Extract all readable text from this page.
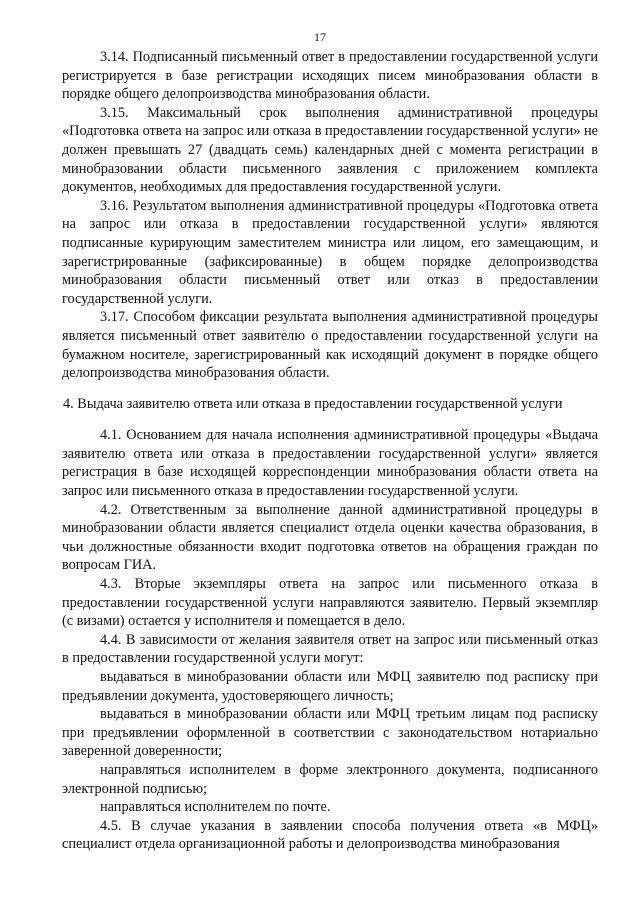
17

3.14. Подписанный письменный ответ в предоставлении государственной услуги регистрируется в базе регистрации исходящих писем минобразования области в порядке общего делопроизводства минобразования области.

3.15. Максимальный срок выполнения административной процедуры «Подготовка ответа на запрос или отказа в предоставлении государственной услуги» не должен превышать 27 (двадцать семь) календарных дней с момента регистрации в минобразовании области письменного заявления с приложением комплекта документов, необходимых для предоставления государственной услуги.

3.16. Результатом выполнения административной процедуры «Подготовка ответа на запрос или отказа в предоставлении государственной услуги» являются подписанные курирующим заместителем министра или лицом, его замещающим, и зарегистрированные (зафиксированные) в общем порядке делопроизводства минобразования области письменный ответ или отказ в предоставлении государственной услуги.

3.17. Способом фиксации результата выполнения административной процедуры является письменный ответ заявителю о предоставлении государственной услуги на бумажном носителе, зарегистрированный как исходящий документ в порядке общего делопроизводства минобразования области.

4. Выдача заявителю ответа или отказа в предоставлении государственной услуги

4.1. Основанием для начала исполнения административной процедуры «Выдача заявителю ответа или отказа в предоставлении государственной услуги» является регистрация в базе исходящей корреспонденции минобразования области ответа на запрос или письменного отказа в предоставлении государственной услуги.

4.2. Ответственным за выполнение данной административной процедуры в минобразовании области является специалист отдела оценки качества образования, в чьи должностные обязанности входит подготовка ответов на обращения граждан по вопросам ГИА.

4.3. Вторые экземпляры ответа на запрос или письменного отказа в предоставлении государственной услуги направляются заявителю. Первый экземпляр (с визами) остается у исполнителя и помещается в дело.

4.4. В зависимости от желания заявителя ответ на запрос или письменный отказ в предоставлении государственной услуги могут:

выдаваться в минобразовании области или МФЦ заявителю под расписку при предъявлении документа, удостоверяющего личность;

выдаваться в минобразовании области или МФЦ третьим лицам под расписку при предъявлении оформленной в соответствии с законодательством нотариально заверенной доверенности;

направляться исполнителем в форме электронного документа, подписанного электронной подписью;

направляться исполнителем по почте.

4.5. В случае указания в заявлении способа получения ответа «в МФЦ» специалист отдела организационной работы и делопроизводства минобразования
